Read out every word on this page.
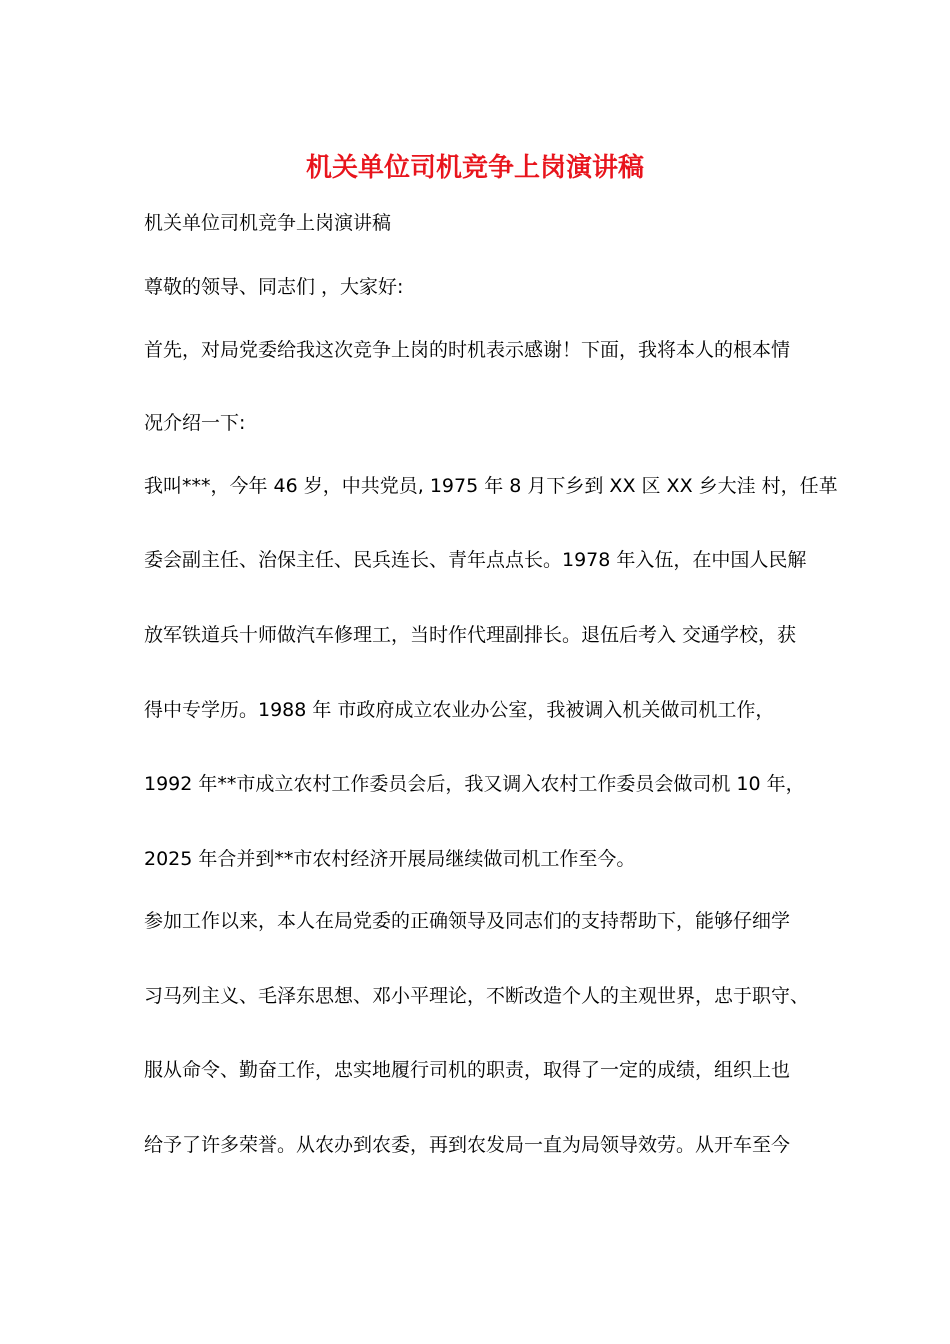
机关单位司机竞争上岗演讲稿

机关单位司机竞争上岗演讲稿

尊敬的领导、同志们 ，大家好:

首先，对局党委给我这次竞争上岗的时机表示感谢！下面，我将本人的根本情

况介绍一下:

我叫***，今年 46 岁，中共党员, 1975 年 8 月下乡到 XX 区 XX 乡大洼 村，任革

委会副主任、治保主任、民兵连长、青年点点长。1978 年入伍，在中国人民解

放军铁道兵十师做汽车修理工，当时作代理副排长。退伍后考入 交通学校，获

得中专学历。1988 年 市政府成立农业办公室，我被调入机关做司机工作，

1992 年**市成立农村工作委员会后，我又调入农村工作委员会做司机 10 年，

2025 年合并到**市农村经济开展局继续做司机工作至今。

参加工作以来，本人在局党委的正确领导及同志们的支持帮助下，能够仔细学

习马列主义、毛泽东思想、邓小平理论，不断改造个人的主观世界，忠于职守、

服从命令、勤奋工作，忠实地履行司机的职责，取得了一定的成绩，组织上也

给予了许多荣誉。从农办到农委，再到农发局一直为局领导效劳。从开车至今
